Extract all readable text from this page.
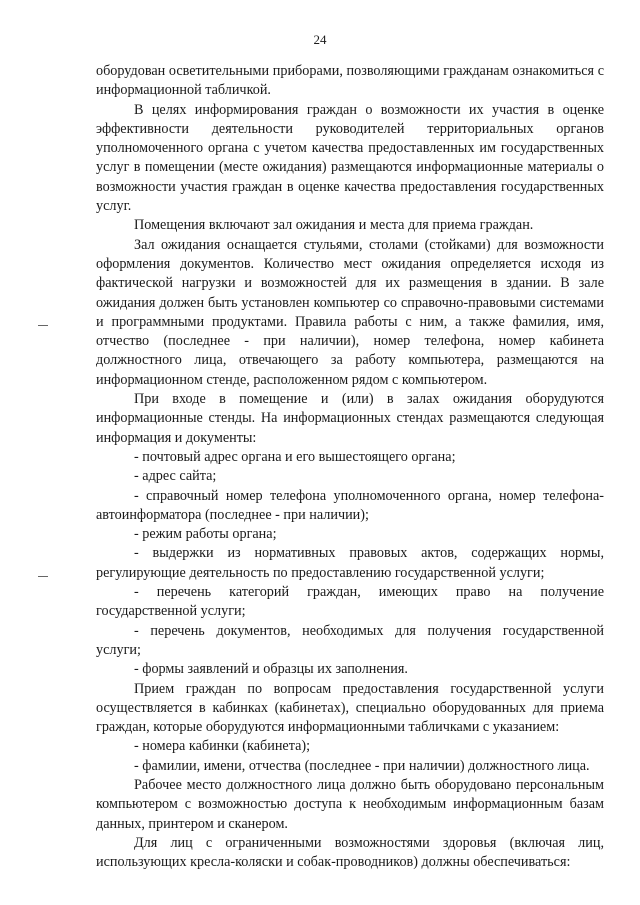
24

оборудован осветительными приборами, позволяющими гражданам ознакомиться с информационной табличкой.

В целях информирования граждан о возможности их участия в оценке эффективности деятельности руководителей территориальных органов уполномоченного органа с учетом качества предоставленных им государственных услуг в помещении (месте ожидания) размещаются информационные материалы о возможности участия граждан в оценке качества предоставления государственных услуг.

Помещения включают зал ожидания и места для приема граждан.

Зал ожидания оснащается стульями, столами (стойками) для возможности оформления документов. Количество мест ожидания определяется исходя из фактической нагрузки и возможностей для их размещения в здании. В зале ожидания должен быть установлен компьютер со справочно-правовыми системами и программными продуктами. Правила работы с ним, а также фамилия, имя, отчество (последнее - при наличии), номер телефона, номер кабинета должностного лица, отвечающего за работу компьютера, размещаются на информационном стенде, расположенном рядом с компьютером.

При входе в помещение и (или) в залах ожидания оборудуются информационные стенды. На информационных стендах размещаются следующая информация и документы:

- почтовый адрес органа и его вышестоящего органа;

- адрес сайта;

- справочный номер телефона уполномоченного органа, номер телефона-автоинформатора (последнее - при наличии);

- режим работы органа;

- выдержки из нормативных правовых актов, содержащих нормы, регулирующие деятельность по предоставлению государственной услуги;

- перечень категорий граждан, имеющих право на получение государственной услуги;

- перечень документов, необходимых для получения государственной услуги;

- формы заявлений и образцы их заполнения.

Прием граждан по вопросам предоставления государственной услуги осуществляется в кабинках (кабинетах), специально оборудованных для приема граждан, которые оборудуются информационными табличками с указанием:

- номера кабинки (кабинета);

- фамилии, имени, отчества (последнее - при наличии) должностного лица.

Рабочее место должностного лица должно быть оборудовано персональным компьютером с возможностью доступа к необходимым информационным базам данных, принтером и сканером.

Для лиц с ограниченными возможностями здоровья (включая лиц, использующих кресла-коляски и собак-проводников) должны обеспечиваться:
